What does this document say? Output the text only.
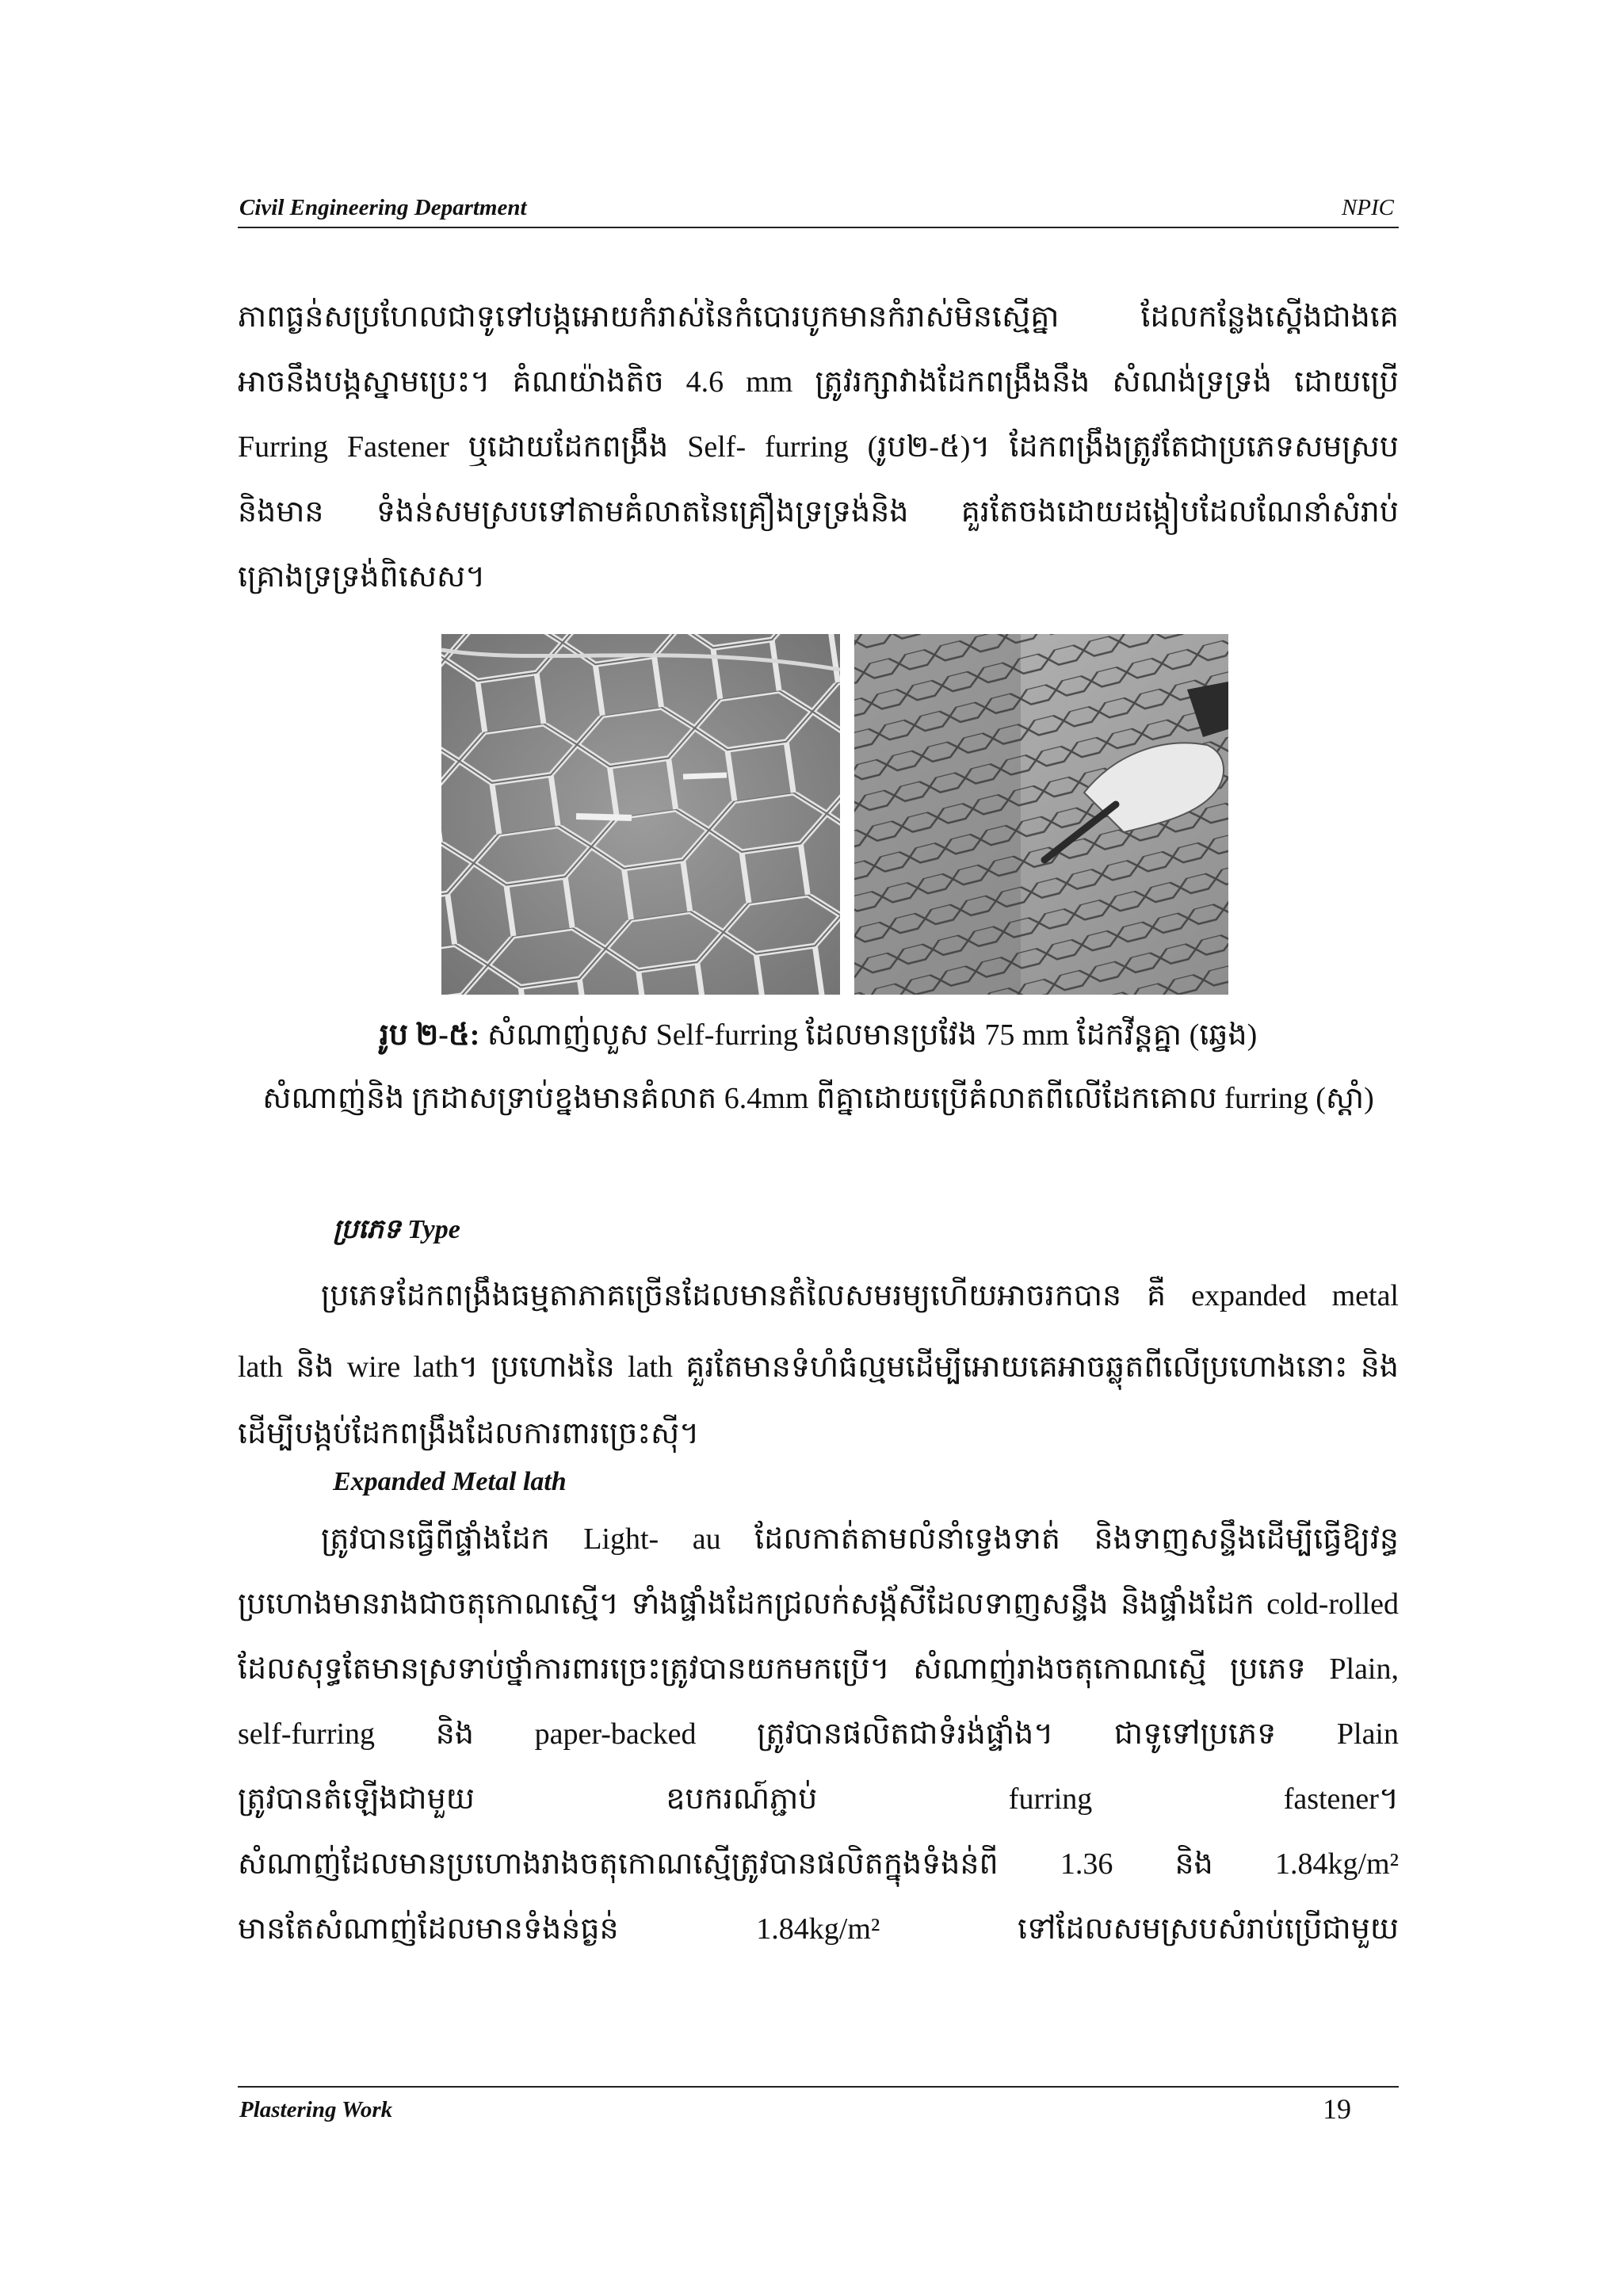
Civil Engineering Department	NPIC
ភាពធ្ងន់សប្រហែលជាទូទៅបង្កអោយកំរាស់នៃកំបោរបូកមានកំរាស់មិនស្មើគ្នា ដែលកន្លែងស្តើងជាងគេ
អាចនឹងបង្កស្នាមប្រេះ។ គំណយ៉ាងតិច 4.6 mm ត្រូវរក្សាវាងដែកពង្រឹងនឹង សំណង់ទ្រទ្រង់ ដោយប្រើ
Furring Fastener ឬដោយដែកពង្រឹង Self- furring (រូប២-៥)។ ដែកពង្រឹងត្រូវតែជាប្រភេទសមស្រប
និងមាន ទំងន់សមស្របទៅតាមគំលាតនៃគ្រឿងទ្រទ្រង់និង គួរតែចងដោយដង្កៀបដែលណែនាំសំរាប់
គ្រោងទ្រទ្រង់ពិសេស។
រូប ២-៥: សំណាញ់លួស Self-furring ដែលមានប្រវែង 75 mm ដែកវីន្តគ្នា (ឆ្វេង)
សំណាញ់និង ក្រដាសទ្រាប់ខ្នងមានគំលាត 6.4mm ពីគ្នាដោយប្រើគំលាតពីលើដែកគោល furring (ស្តាំ)
ប្រភេទ Type
ប្រភេទដែកពង្រឹងធម្មតាភាគច្រើនដែលមានតំលៃសមរម្យហើយអាចរកបាន គឺ expanded metal
lath និង wire lath។ ប្រហោងនៃ lath គួរតែមានទំហំធំល្មមដើម្បីអោយគេអាចឆ្លុតពីលើប្រហោងនោះ និង
ដើម្បីបង្កប់ដែកពង្រឹងដែលការពារច្រេះស៊ី។
Expanded Metal lath
ត្រូវបានធ្វើពីផ្ទាំងដែក Light- au ដែលកាត់តាមលំនាំទ្វេងទាត់ និងទាញសន្ទឹងដើម្បីធ្វើឱ្យវន្ធ
ប្រហោងមានរាងជាចតុកោណស្មើ។ ទាំងផ្ទាំងដែកជ្រលក់សង្ក័សីដែលទាញសន្ទឹង និងផ្ទាំងដែក cold-rolled
ដែលសុទ្ធតែមានស្រទាប់ថ្នាំការពារច្រេះត្រូវបានយកមកប្រើ។ សំណាញ់រាងចតុកោណស្មើ ប្រភេទ Plain,
self-furring និង paper-backed ត្រូវបានផលិតជាទំរង់ផ្ទាំង។ ជាទូទៅប្រភេទ Plain
ត្រូវបានតំឡើងជាមួយ ឧបករណ៍ភ្ជាប់ furring fastener។
សំណាញ់ដែលមានប្រហោងរាងចតុកោណស្មើត្រូវបានផលិតក្នុងទំងន់ពី 1.36 និង 1.84kg/m²
មានតែសំណាញ់ដែលមានទំងន់ធ្ងន់ 1.84kg/m² ទៅដែលសមស្របសំរាប់ប្រើជាមួយ
Plastering Work	19
